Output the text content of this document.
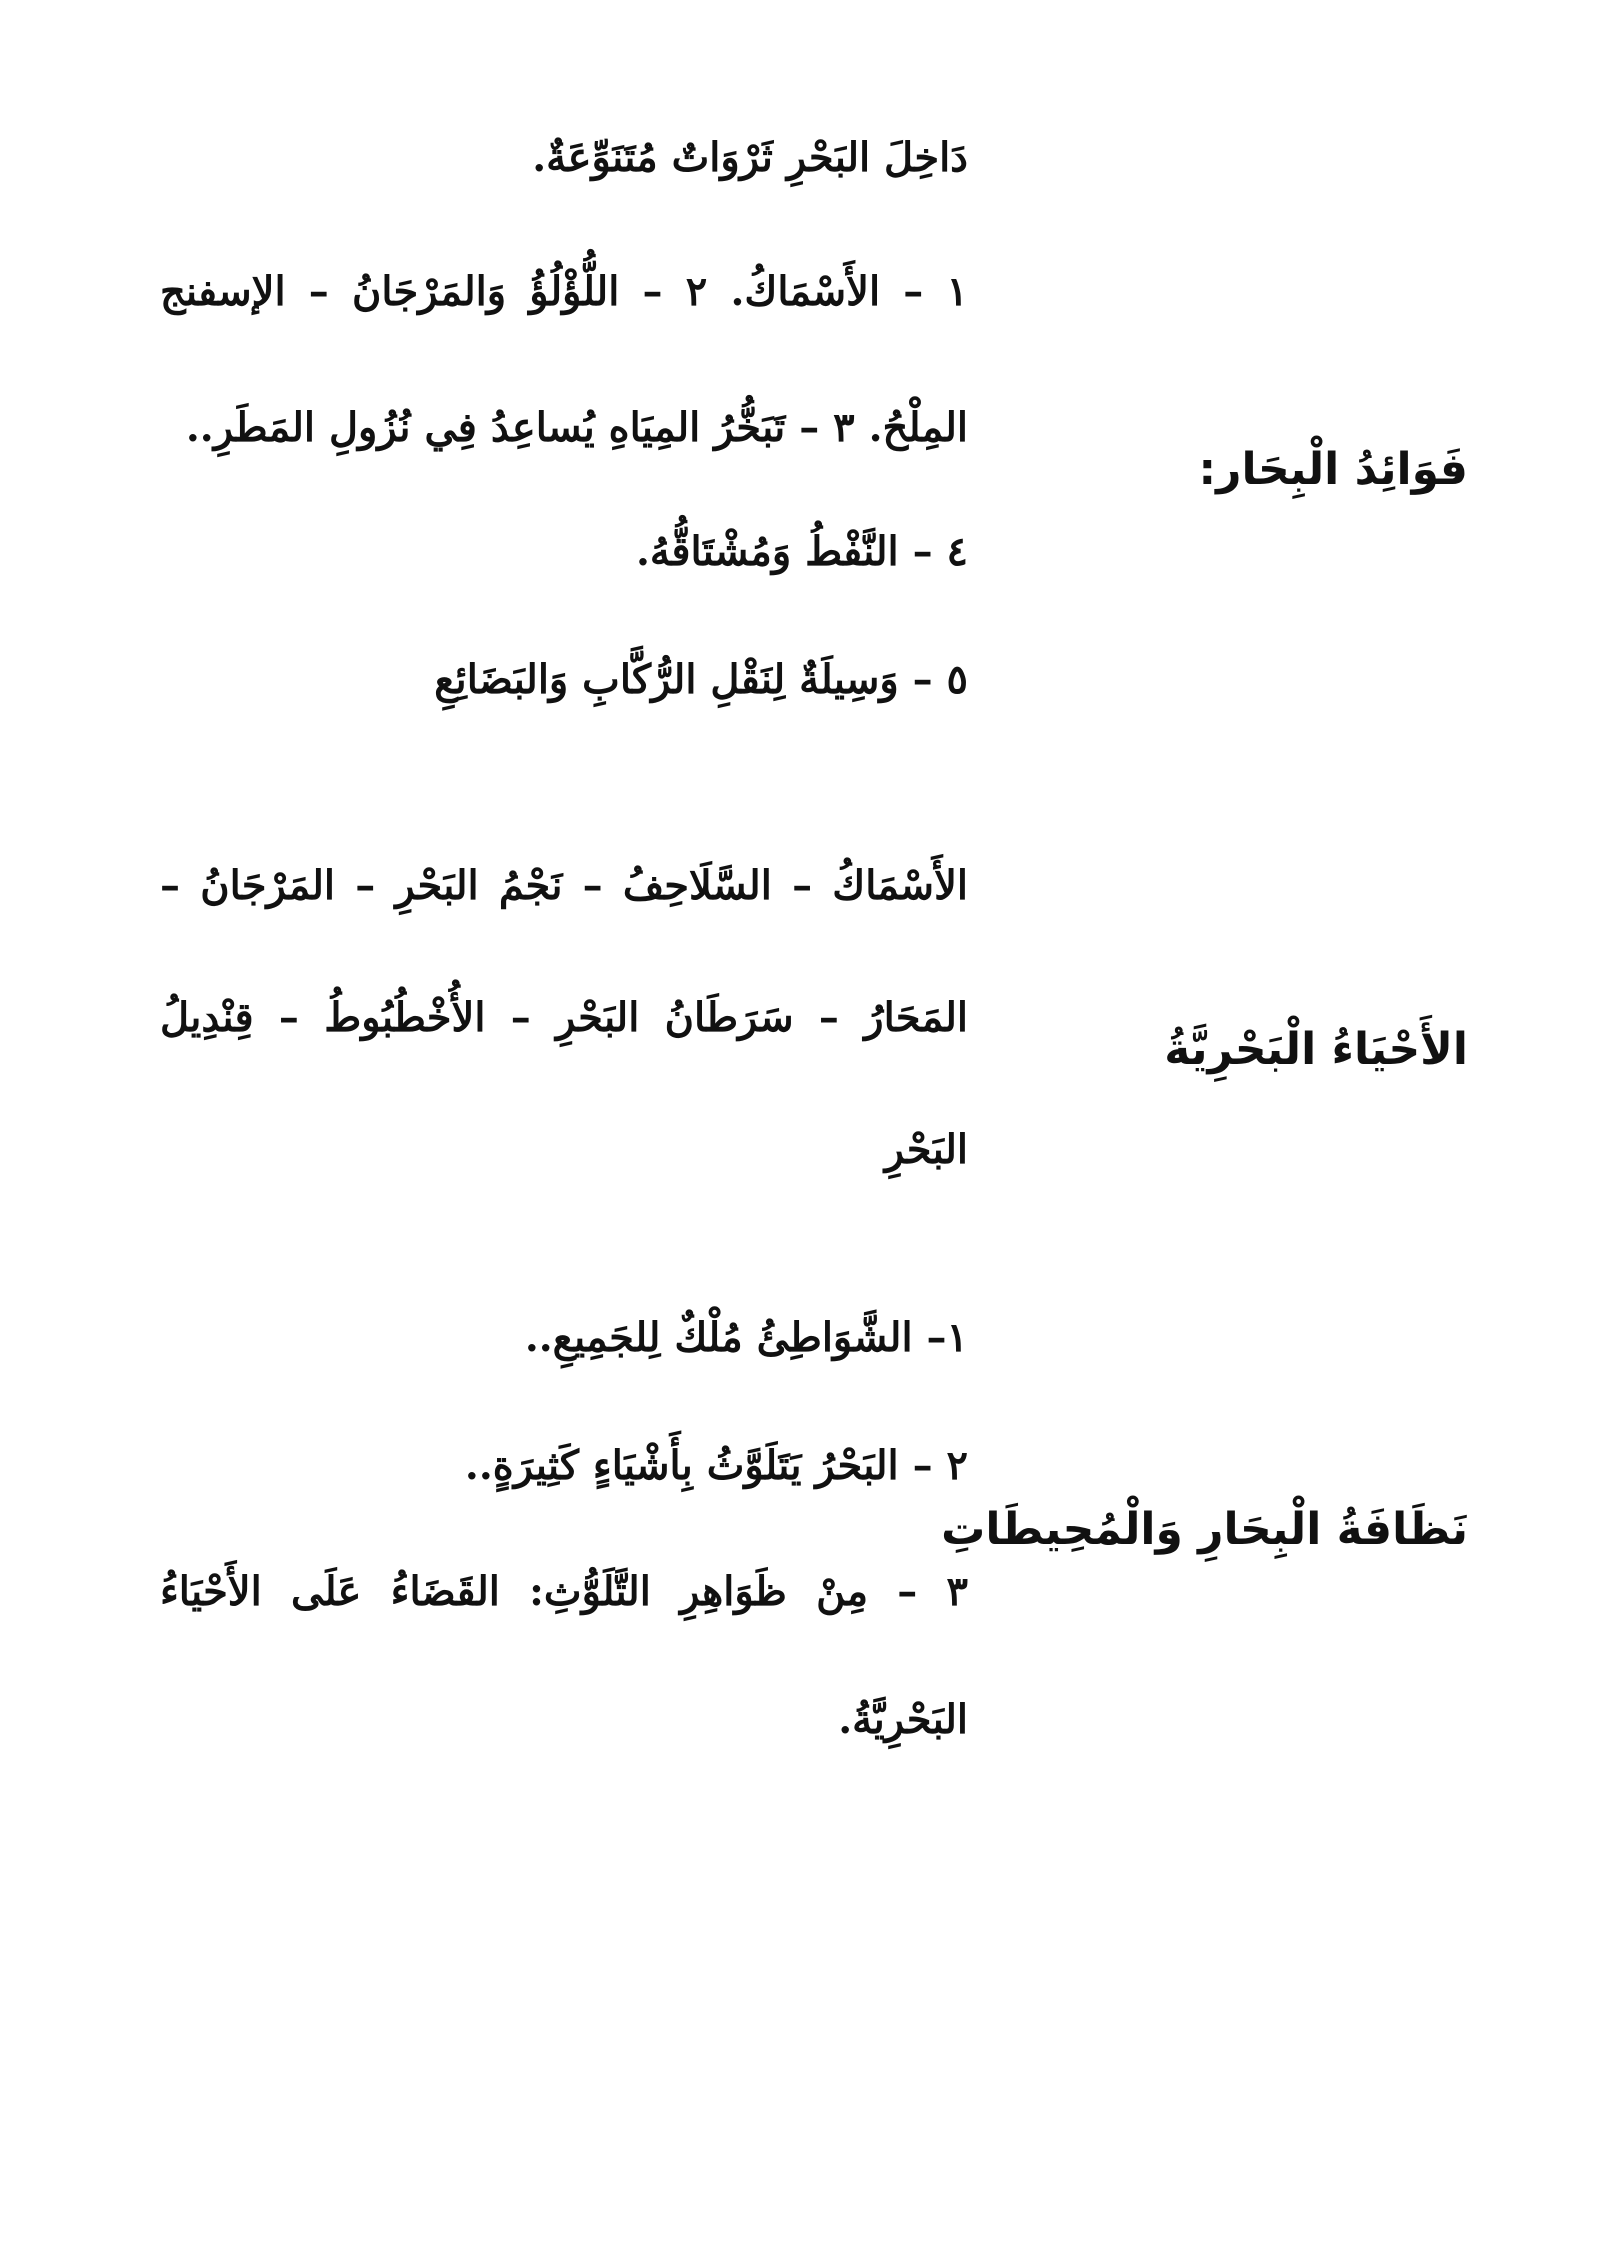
دَاخِلَ البَحْرِ ثَرْوَاتٌ مُتَنَوِّعَةٌ.
فَوَائِدُ الْبِحَار:
١ – الأَسْمَاكُ. ٢ – اللُّؤْلُؤُ وَالمَرْجَانُ – الإسفنج
المِلْحُ. ٣ – تَبَخُّرُ المِيَاهِ يُساعِدُ فِي نُزُولِ المَطَرِ..
٤ – النَّفْطُ وَمُشْتَاقُّهُ.
٥ – وَسِيلَةٌ لِنَقْلِ الرُّكَّابِ وَالبَضَائِعِ
الأَحْيَاءُ الْبَحْرِيَّةُ
الأَسْمَاكُ – السَّلَاحِفُ – نَجْمُ البَحْرِ – المَرْجَانُ –
المَحَارُ – سَرَطَانُ البَحْرِ – الأُخْطُبُوطُ – قِنْدِيلُ
البَحْرِ
نَظَافَةُ الْبِحَارِ وَالْمُحِيطَاتِ
١– الشَّوَاطِئُ مُلْكٌ لِلجَمِيعِ..
٢ – البَحْرُ يَتَلَوَّثُ بِأَشْيَاءٍ كَثِيرَةٍ..
٣ – مِنْ ظَوَاهِرِ التَّلَوُّثِ: القَضَاءُ عَلَى الأَحْيَاءُ
البَحْرِيَّةُ.
